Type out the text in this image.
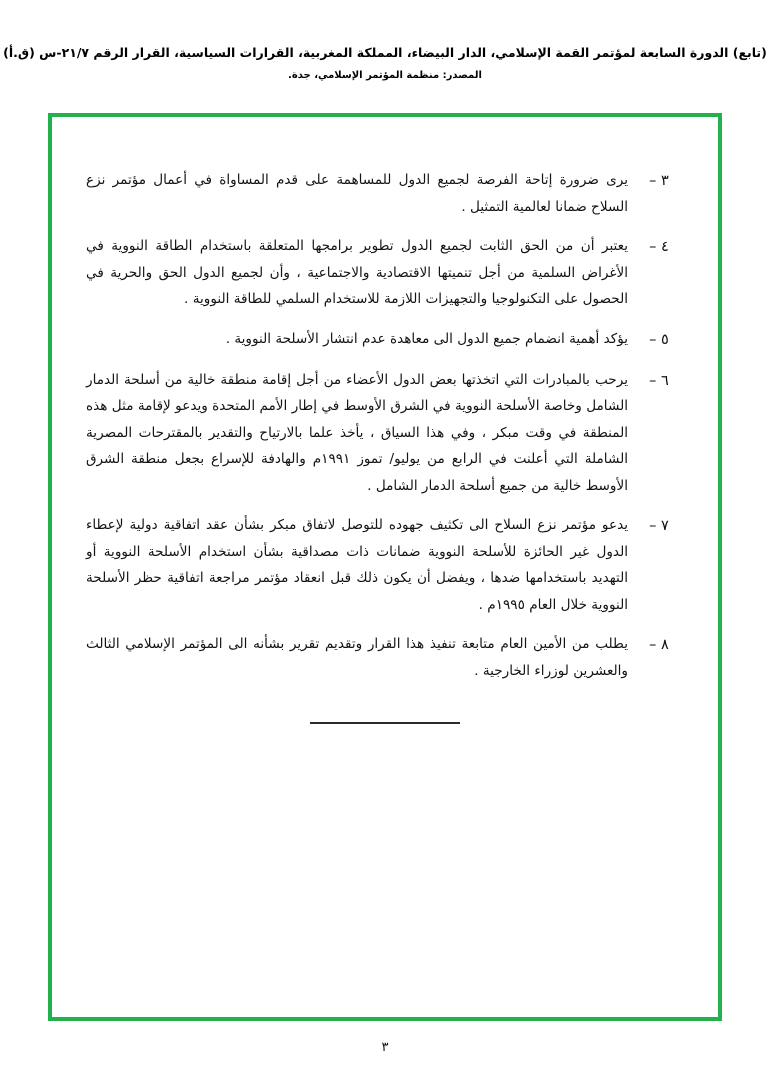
(تابع) الدورة السابعة لمؤتمر القمة الإسلامي، الدار البيضاء، المملكة المغربية، القرارات السياسية، القرار الرقم ٢١/٧-س (ق.أ)
المصدر: منظمة المؤتمر الإسلامي، جدة.
٣ –
يرى ضرورة إتاحة الفرصة لجميع الدول للمساهمة على قدم المساواة في أعمال مؤتمر نزع السلاح ضمانا لعالمية التمثيل .
٤ –
يعتبر أن من الحق الثابت لجميع الدول تطوير برامجها المتعلقة باستخدام الطاقة النووية في الأغراض السلمية من أجل تنميتها الاقتصادية والاجتماعية ، وأن لجميع الدول الحق والحرية في الحصول على التكنولوجيا والتجهيزات اللازمة للاستخدام السلمي للطاقة النووية .
٥ –
يؤكد أهمية انضمام جميع الدول الى معاهدة عدم انتشار الأسلحة النووية .
٦ –
يرحب بالمبادرات التي اتخذتها بعض الدول الأعضاء من أجل إقامة منطقة خالية من أسلحة الدمار الشامل وخاصة الأسلحة النووية في الشرق الأوسط في إطار الأمم المتحدة ويدعو لإقامة مثل هذه المنطقة في وقت مبكر ، وفي هذا السياق ، يأخذ علما بالارتياح والتقدير بالمقترحات المصرية الشاملة التي أعلنت في الرابع من يوليو/ تموز ١٩٩١م والهادفة للإسراع بجعل منطقة الشرق الأوسط خالية من جميع أسلحة الدمار الشامل .
٧ –
يدعو مؤتمر نزع السلاح الى تكثيف جهوده للتوصل لاتفاق مبكر بشأن عقد اتفاقية دولية لإعطاء الدول غير الحائزة للأسلحة النووية ضمانات ذات مصداقية بشأن استخدام الأسلحة النووية أو التهديد باستخدامها ضدها ، ويفضل أن يكون ذلك قبل انعقاد مؤتمر مراجعة اتفاقية حظر الأسلحة النووية خلال العام ١٩٩٥م .
٨ –
يطلب من الأمين العام متابعة تنفيذ هذا القرار وتقديم تقرير بشأنه الى المؤتمر الإسلامي الثالث والعشرين لوزراء الخارجية .
٣
